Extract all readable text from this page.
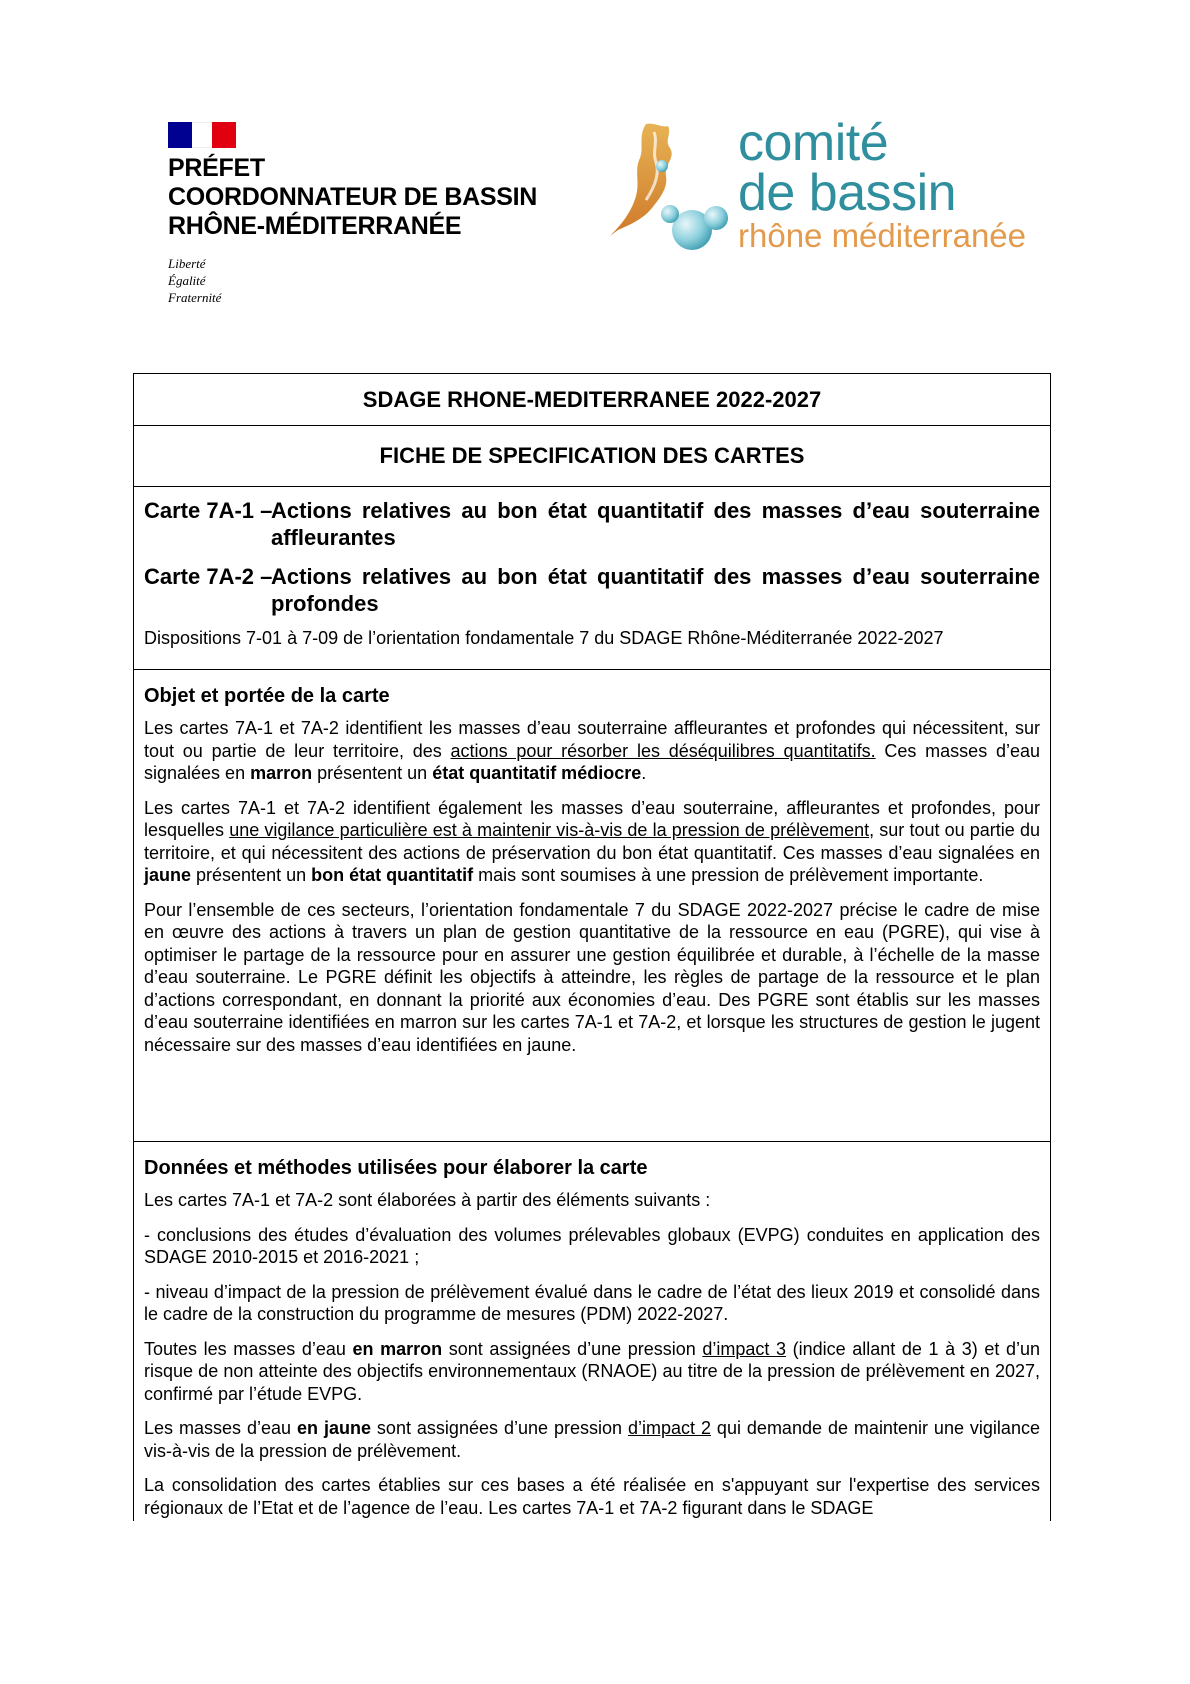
PRÉFET
COORDONNATEUR DE BASSIN
RHÔNE-MÉDITERRANÉE
Liberté
Égalité
Fraternité
comité
de bassin
rhône méditerranée
SDAGE RHONE-MEDITERRANEE 2022-2027
FICHE DE SPECIFICATION DES CARTES
Carte 7A-1 –
Actions relatives au bon état quantitatif des masses d’eau souterraine affleurantes
Carte 7A-2 –
Actions relatives au bon état quantitatif des masses d’eau souterraine profondes
Dispositions 7-01 à 7-09 de l’orientation fondamentale 7 du SDAGE Rhône-Méditerranée 2022-2027
Objet et portée de la carte

Les cartes 7A-1 et 7A-2 identifient les masses d’eau souterraine affleurantes et profondes qui nécessitent, sur tout ou partie de leur territoire, des actions pour résorber les déséquilibres quantitatifs. Ces masses d’eau signalées en marron présentent un état quantitatif médiocre.

Les cartes 7A-1 et 7A-2 identifient également les masses d’eau souterraine, affleurantes et profondes, pour lesquelles une vigilance particulière est à maintenir vis-à-vis de la pression de prélèvement, sur tout ou partie du territoire, et qui nécessitent des actions de préservation du bon état quantitatif. Ces masses d’eau signalées en jaune présentent un bon état quantitatif mais sont soumises à une pression de prélèvement importante.

Pour l’ensemble de ces secteurs, l’orientation fondamentale 7 du SDAGE 2022-2027 précise le cadre de mise en œuvre des actions à travers un plan de gestion quantitative de la ressource en eau (PGRE), qui vise à optimiser le partage de la ressource pour en assurer une gestion équilibrée et durable, à l’échelle de la masse d’eau souterraine. Le PGRE définit les objectifs à atteindre, les règles de partage de la ressource et le plan d’actions correspondant, en donnant la priorité aux économies d’eau. Des PGRE sont établis sur les masses d’eau souterraine identifiées en marron sur les cartes 7A-1 et 7A-2, et lorsque les structures de gestion le jugent nécessaire sur des masses d’eau identifiées en jaune.

Données et méthodes utilisées pour élaborer la carte

Les cartes 7A-1 et 7A-2 sont élaborées à partir des éléments suivants :

- conclusions des études d’évaluation des volumes prélevables globaux (EVPG) conduites en application des SDAGE 2010-2015 et 2016-2021 ;

- niveau d’impact de la pression de prélèvement évalué dans le cadre de l’état des lieux 2019 et consolidé dans le cadre de la construction du programme de mesures (PDM) 2022-2027.

Toutes les masses d’eau en marron sont assignées d’une pression d’impact 3 (indice allant de 1 à 3) et d’un risque de non atteinte des objectifs environnementaux (RNAOE) au titre de la pression de prélèvement en 2027, confirmé par l’étude EVPG.

Les masses d’eau en jaune sont assignées d’une pression d’impact 2 qui demande de maintenir une vigilance vis-à-vis de la pression de prélèvement.

La consolidation des cartes établies sur ces bases a été réalisée en s'appuyant sur l'expertise des services régionaux de l’Etat et de l’agence de l’eau. Les cartes 7A-1 et 7A-2 figurant dans le SDAGE
